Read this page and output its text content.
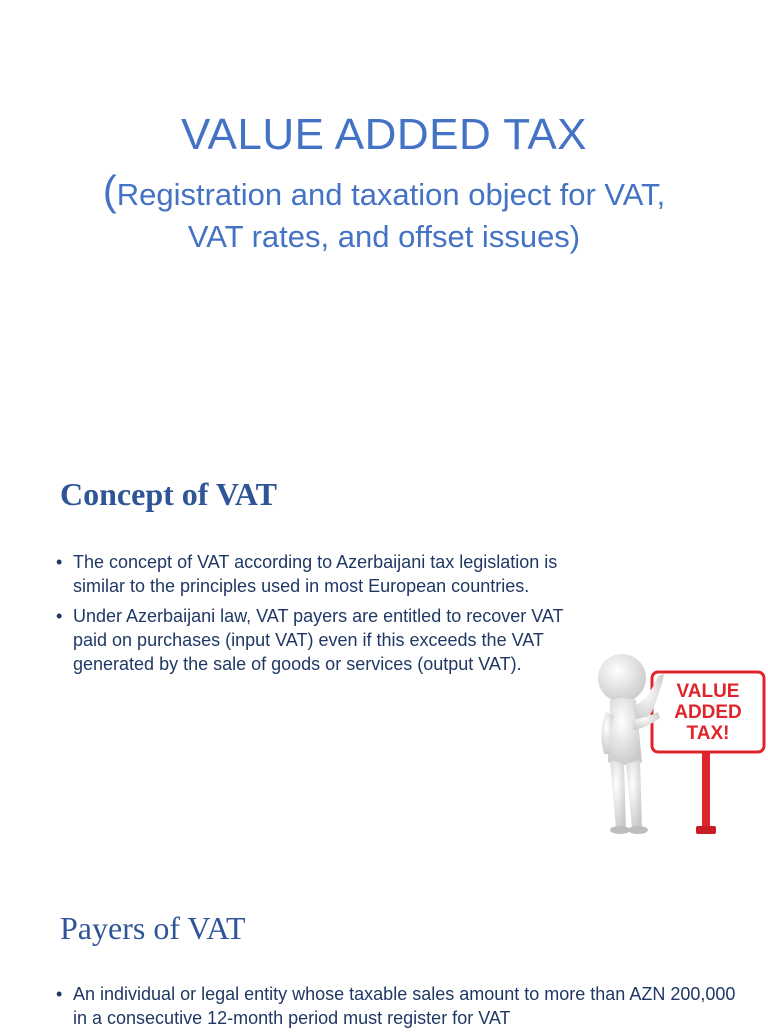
VALUE ADDED TAX
(Registration and taxation object for VAT, VAT rates, and offset issues)
Concept of VAT
• The concept of VAT according to Azerbaijani tax legislation is similar to the principles used in most European countries.
• Under Azerbaijani law, VAT payers are entitled to recover VAT paid on purchases (input VAT) even if this exceeds the VAT generated by the sale of goods or services (output VAT).
VALUE
ADDED
TAX!
Payers of VAT
• An individual or legal entity whose taxable sales amount to more than AZN 200,000 in a consecutive 12-month period must register for VAT
